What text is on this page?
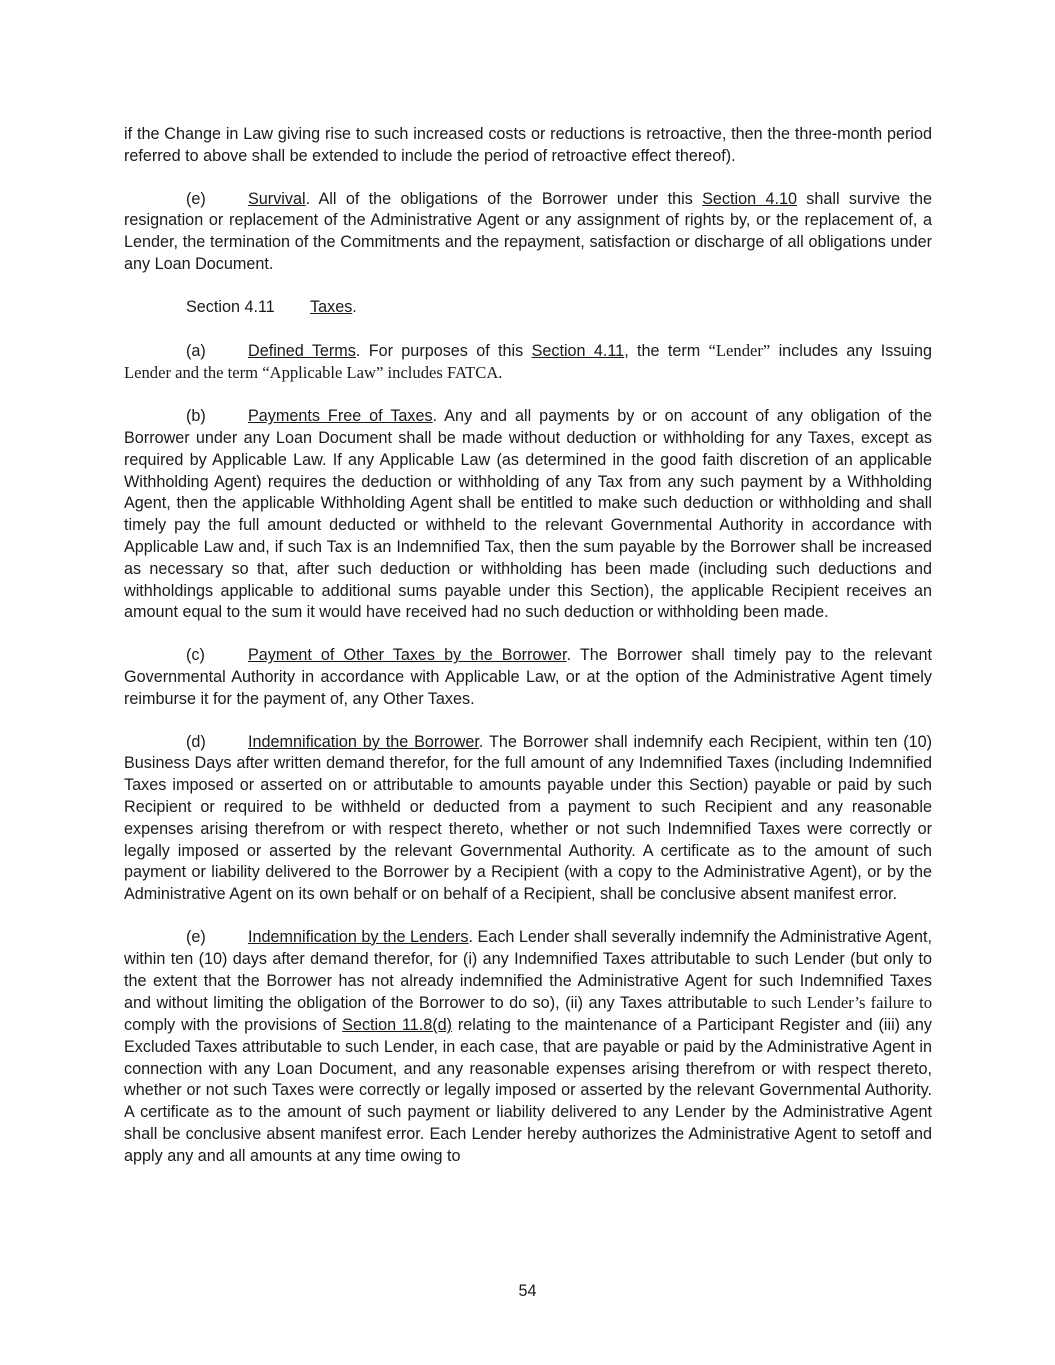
if the Change in Law giving rise to such increased costs or reductions is retroactive, then the three-month period referred to above shall be extended to include the period of retroactive effect thereof).

(e)	Survival. All of the obligations of the Borrower under this Section 4.10 shall survive the resignation or replacement of the Administrative Agent or any assignment of rights by, or the replacement of, a Lender, the termination of the Commitments and the repayment, satisfaction or discharge of all obligations under any Loan Document.

Section 4.11 Taxes.

(a)	Defined Terms. For purposes of this Section 4.11, the term “Lender” includes any Issuing Lender and the term “Applicable Law” includes FATCA.

(b)	Payments Free of Taxes. Any and all payments by or on account of any obligation of the Borrower under any Loan Document shall be made without deduction or withholding for any Taxes, except as required by Applicable Law. If any Applicable Law (as determined in the good faith discretion of an applicable Withholding Agent) requires the deduction or withholding of any Tax from any such payment by a Withholding Agent, then the applicable Withholding Agent shall be entitled to make such deduction or withholding and shall timely pay the full amount deducted or withheld to the relevant Governmental Authority in accordance with Applicable Law and, if such Tax is an Indemnified Tax, then the sum payable by the Borrower shall be increased as necessary so that, after such deduction or withholding has been made (including such deductions and withholdings applicable to additional sums payable under this Section), the applicable Recipient receives an amount equal to the sum it would have received had no such deduction or withholding been made.

(c)	Payment of Other Taxes by the Borrower. The Borrower shall timely pay to the relevant Governmental Authority in accordance with Applicable Law, or at the option of the Administrative Agent timely reimburse it for the payment of, any Other Taxes.

(d)	Indemnification by the Borrower. The Borrower shall indemnify each Recipient, within ten (10) Business Days after written demand therefor, for the full amount of any Indemnified Taxes (including Indemnified Taxes imposed or asserted on or attributable to amounts payable under this Section) payable or paid by such Recipient or required to be withheld or deducted from a payment to such Recipient and any reasonable expenses arising therefrom or with respect thereto, whether or not such Indemnified Taxes were correctly or legally imposed or asserted by the relevant Governmental Authority. A certificate as to the amount of such payment or liability delivered to the Borrower by a Recipient (with a copy to the Administrative Agent), or by the Administrative Agent on its own behalf or on behalf of a Recipient, shall be conclusive absent manifest error.

(e)	Indemnification by the Lenders. Each Lender shall severally indemnify the Administrative Agent, within ten (10) days after demand therefor, for (i) any Indemnified Taxes attributable to such Lender (but only to the extent that the Borrower has not already indemnified the Administrative Agent for such Indemnified Taxes and without limiting the obligation of the Borrower to do so), (ii) any Taxes attributable to such Lender’s failure to comply with the provisions of Section 11.8(d) relating to the maintenance of a Participant Register and (iii) any Excluded Taxes attributable to such Lender, in each case, that are payable or paid by the Administrative Agent in connection with any Loan Document, and any reasonable expenses arising therefrom or with respect thereto, whether or not such Taxes were correctly or legally imposed or asserted by the relevant Governmental Authority. A certificate as to the amount of such payment or liability delivered to any Lender by the Administrative Agent shall be conclusive absent manifest error. Each Lender hereby authorizes the Administrative Agent to setoff and apply any and all amounts at any time owing to

54
